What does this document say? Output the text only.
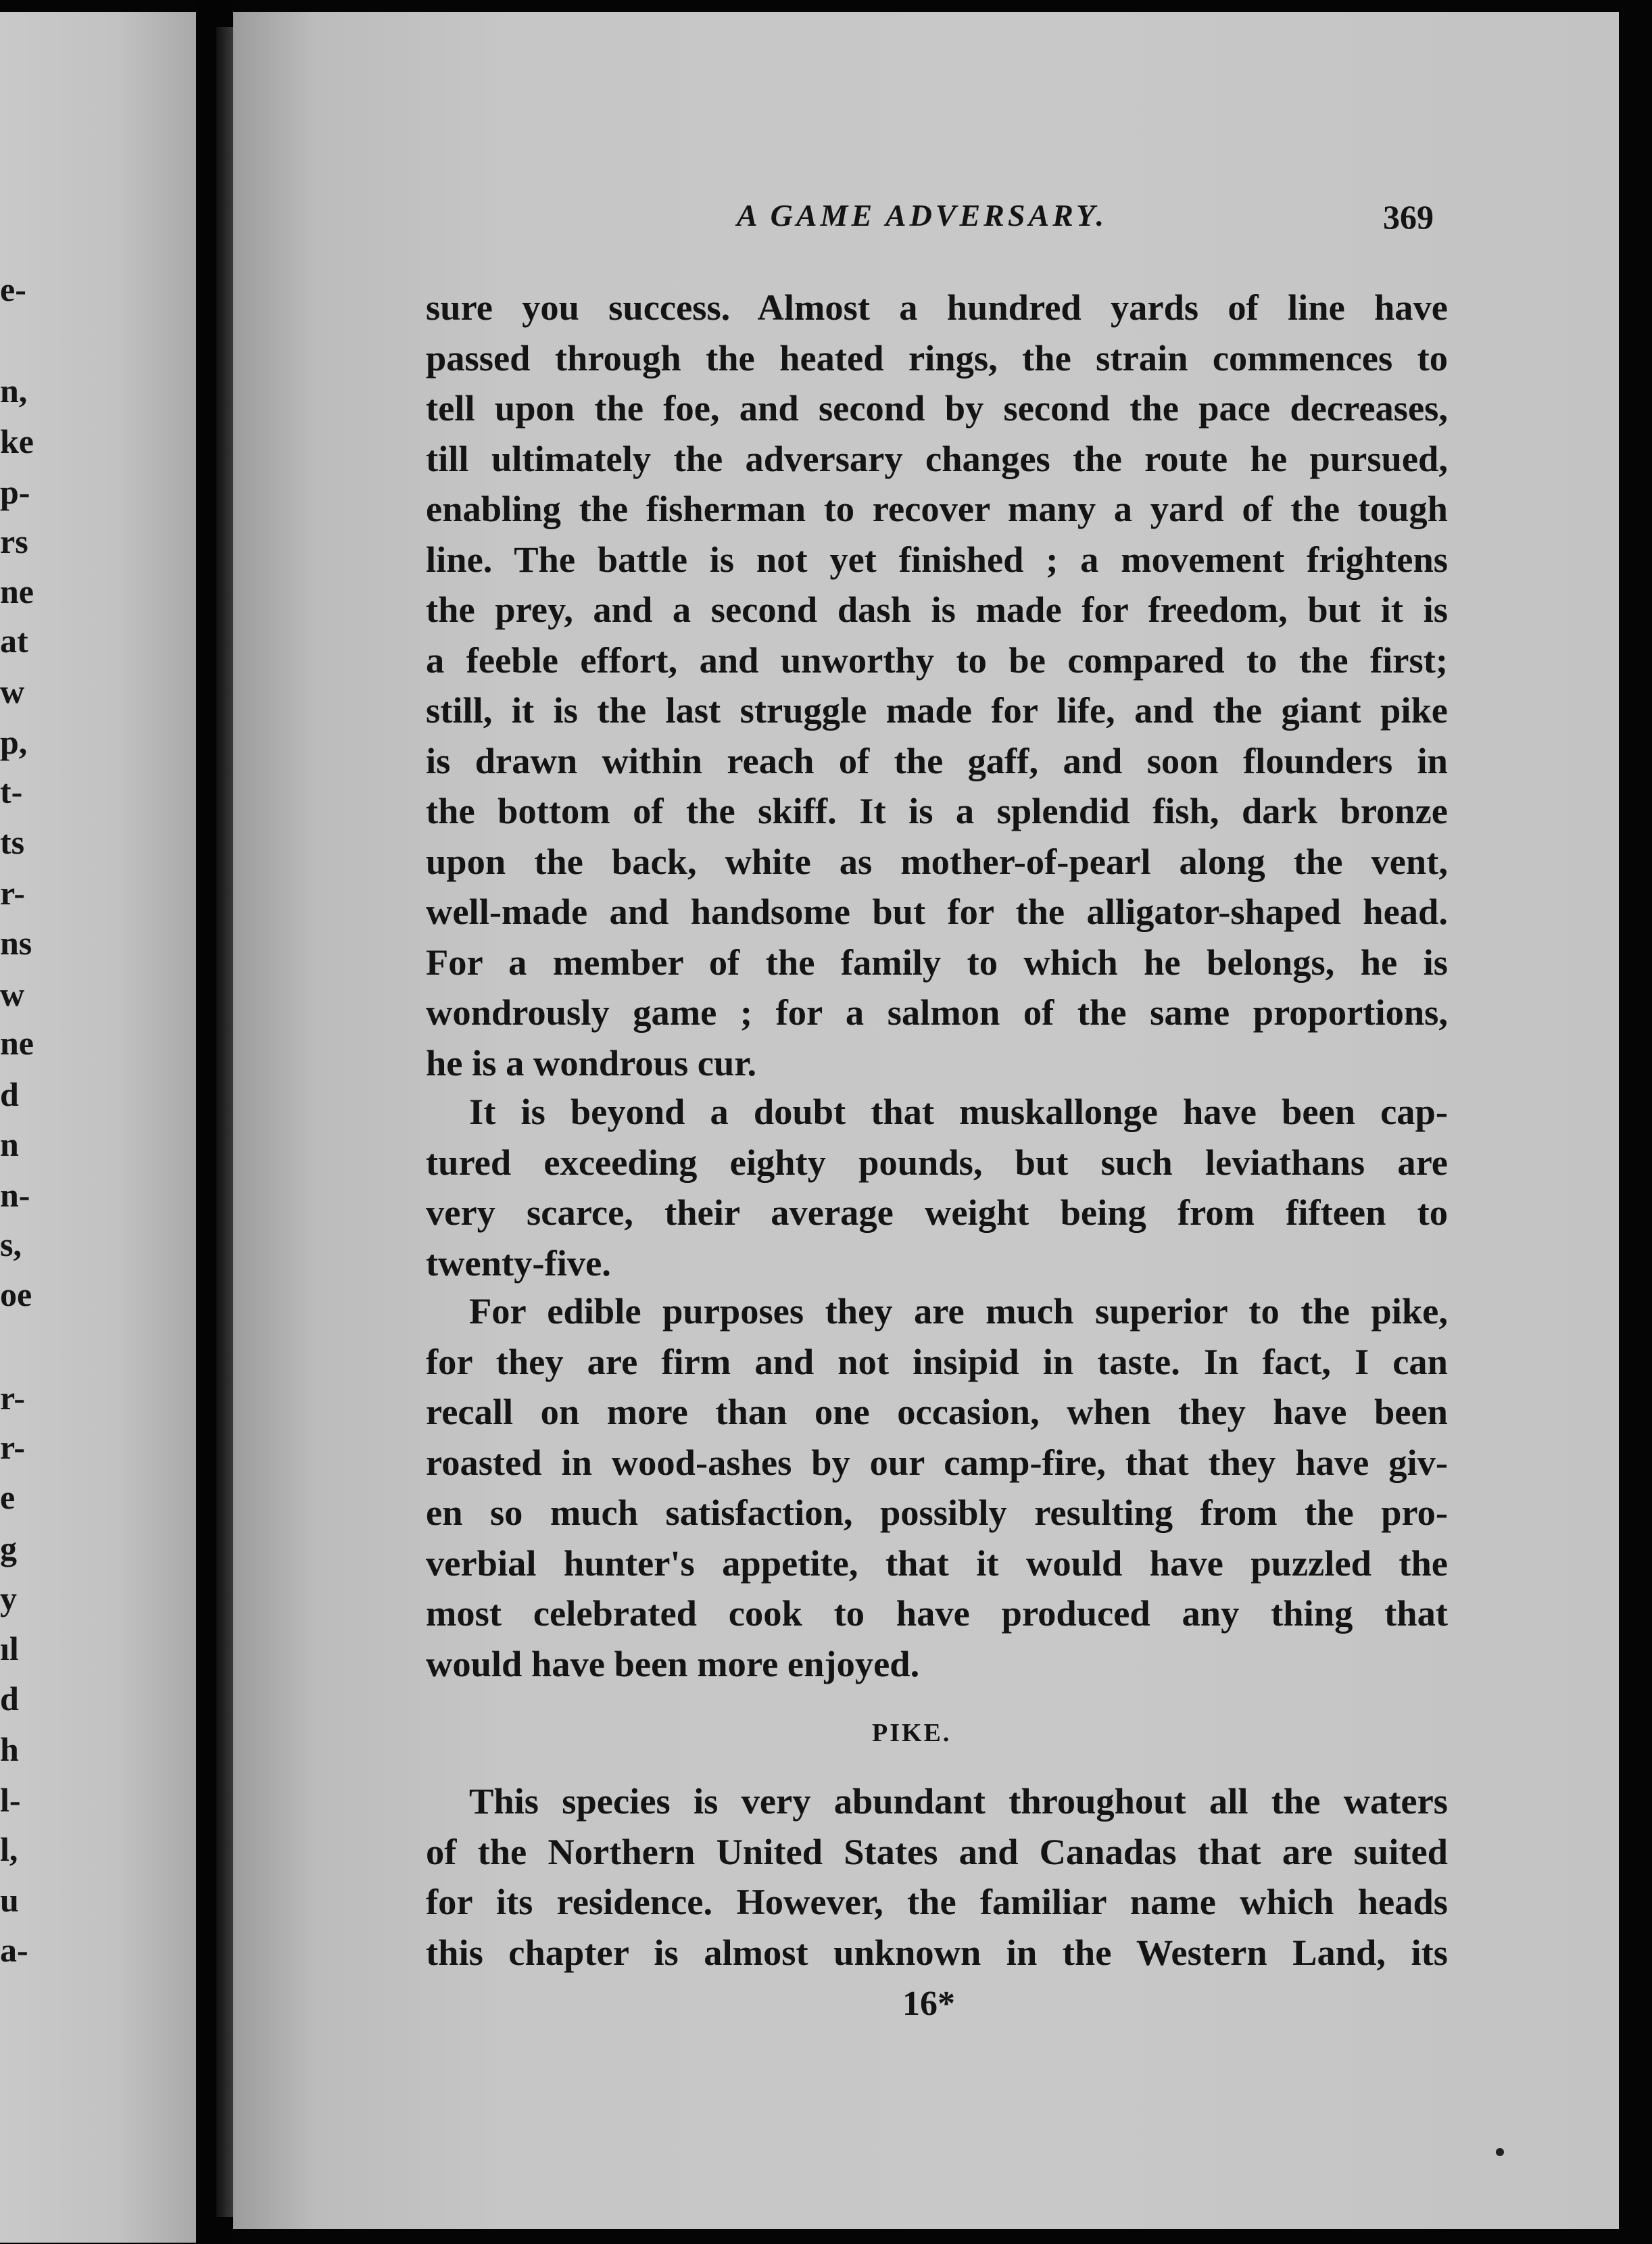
e-
n,
ke
p-
rs
ne
at
w
p,
t-
ts
r-
ns
w
ne
d
n
n-
s,
oe
r-
r-
e
g
y
ıl
d
h
l-
l,
u
a-
A GAME ADVERSARY.	369
sure you success. Almost a hundred yards of line have
passed through the heated rings, the strain commences to
tell upon the foe, and second by second the pace decreases,
till ultimately the adversary changes the route he pursued,
enabling the fisherman to recover many a yard of the tough
line. The battle is not yet finished ; a movement frightens
the prey, and a second dash is made for freedom, but it is
a feeble effort, and unworthy to be compared to the first;
still, it is the last struggle made for life, and the giant pike
is drawn within reach of the gaff, and soon flounders in
the bottom of the skiff. It is a splendid fish, dark bronze
upon the back, white as mother-of-pearl along the vent,
well-made and handsome but for the alligator-shaped head.
For a member of the family to which he belongs, he is
wondrously game ; for a salmon of the same proportions,
he is a wondrous cur.
It is beyond a doubt that muskallonge have been cap-
tured exceeding eighty pounds, but such leviathans are
very scarce, their average weight being from fifteen to
twenty-five.
For edible purposes they are much superior to the pike,
for they are firm and not insipid in taste. In fact, I can
recall on more than one occasion, when they have been
roasted in wood-ashes by our camp-fire, that they have giv-
en so much satisfaction, possibly resulting from the pro-
verbial hunter's appetite, that it would have puzzled the
most celebrated cook to have produced any thing that
would have been more enjoyed.
PIKE.
This species is very abundant throughout all the waters
of the Northern United States and Canadas that are suited
for its residence. However, the familiar name which heads
this chapter is almost unknown in the Western Land, its
16*
